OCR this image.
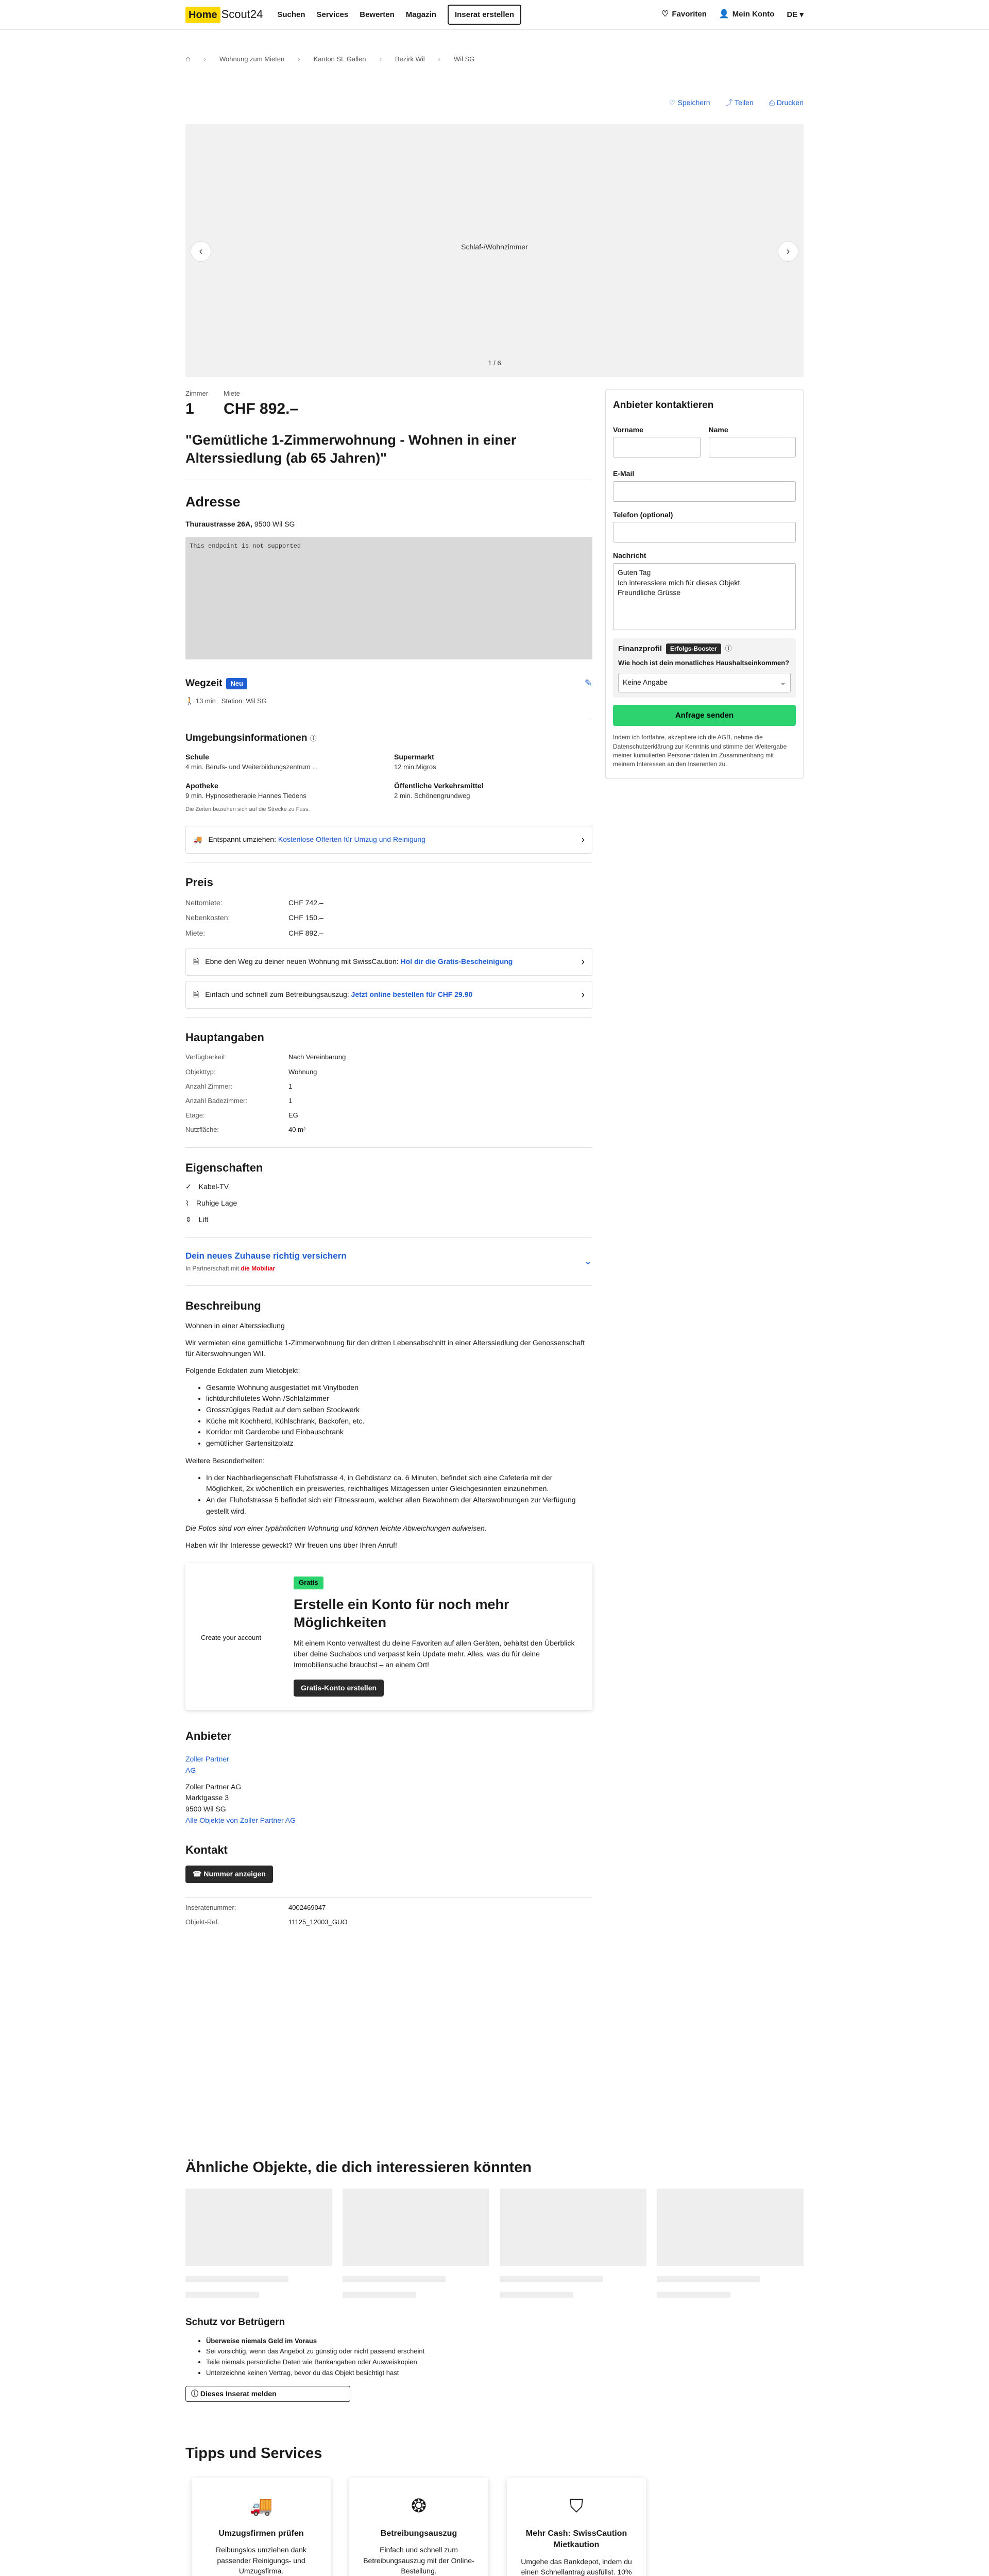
Home Scout24 Suchen Services Bewerten Magazin	Inserat erstellen	♡ Favoriten 👤 Mein Konto DE ▾
⌂ › Wohnung zum Mieten › Kanton St. Gallen › Bezirk Wil › Wil SG
♡ Speichern ⤴ Teilen ⎙ Drucken
Schlaf-/Wohnzimmer
‹	›
1 / 6
Zimmer
1
Miete
CHF 892.–
"Gemütliche 1-Zimmerwohnung - Wohnen in einer Alterssiedlung (ab 65 Jahren)"
Adresse
Thuraustrasse 26A, 9500 Wil SG
This endpoint is not supported
Wegzeit	Neu	✎
🚶 13 min Station: Wil SG
Umgebungsinformationen ⓘ
Schule
4 min. Berufs- und Weiterbildungszentrum ...
Supermarkt
12 min.Migros
Apotheke
9 min. Hypnosetherapie Hannes Tiedens
Öffentliche Verkehrsmittel
2 min. Schönengrundweg
Die Zeiten beziehen sich auf die Strecke zu Fuss.
🚚 Entspannt umziehen: Kostenlose Offerten für Umzug und Reinigung	›
Preis
Nettomiete:	CHF 742.–
Nebenkosten:	CHF 150.–
Miete:	CHF 892.–
🗎 Ebne den Weg zu deiner neuen Wohnung mit SwissCaution: Hol dir die Gratis-Bescheinigung	›
🗎 Einfach und schnell zum Betreibungsauszug: Jetzt online bestellen für CHF 29.90	›
Hauptangaben
Verfügbarkeit:	Nach Vereinbarung
Objekttyp:	Wohnung
Anzahl Zimmer:	1
Anzahl Badezimmer:	1
Etage:	EG
Nutzfläche:	40 m²
Eigenschaften
✓ Kabel-TV
⌇ Ruhige Lage
⇕ Lift
Dein neues Zuhause richtig versichern
In Partnerschaft mit die Mobiliar
⌄
Beschreibung

Wohnen in einer Alterssiedlung

Wir vermieten eine gemütliche 1-Zimmerwohnung für den dritten Lebensabschnitt in einer Alterssiedlung der Genossenschaft für Alterswohnungen Wil.

Folgende Eckdaten zum Mietobjekt:

• Gesamte Wohnung ausgestattet mit Vinylboden
• lichtdurchflutetes Wohn-/Schlafzimmer
• Grosszügiges Reduit auf dem selben Stockwerk
• Küche mit Kochherd, Kühlschrank, Backofen, etc.
• Korridor mit Garderobe und Einbauschrank
• gemütlicher Gartensitzplatz

Weitere Besonderheiten:

• In der Nachbarliegenschaft Fluhofstrasse 4, in Gehdistanz ca. 6 Minuten, befindet sich eine Cafeteria mit der Möglichkeit, 2x wöchentlich ein preiswertes, reichhaltiges Mittagessen unter Gleichgesinnten einzunehmen.
• An der Fluhofstrasse 5 befindet sich ein Fitnessraum, welcher allen Bewohnern der Alterswohnungen zur Verfügung gestellt wird.

Die Fotos sind von einer typähnlichen Wohnung und können leichte Abweichungen aufweisen.

Haben wir Ihr Interesse geweckt? Wir freuen uns über Ihren Anruf!

Create your account
Gratis
Erstelle ein Konto für noch mehr Möglichkeiten

Mit einem Konto verwaltest du deine Favoriten auf allen Geräten, behältst den Überblick über deine Suchabos und verpasst kein Update mehr. Alles, was du für deine Immobiliensuche brauchst – an einem Ort!

Gratis-Konto erstellen
Anbieter
Zoller Partner AG
Zoller Partner AG
Marktgasse 3
9500 Wil SG
Alle Objekte von Zoller Partner AG
Kontakt
☎ Nummer anzeigen
Inseratenummer:	4002469047
Objekt-Ref.	11125_12003_GUO
Anbieter kontaktieren
Vorname	Name
E-Mail
Telefon (optional)
Nachricht
Guten Tag
Ich interessiere mich für dieses Objekt.
Freundliche Grüsse
Finanzprofil	Erfolgs-Booster	ⓘ
Wie hoch ist dein monatliches Haushaltseinkommen?
Keine Angabe	⌄
Anfrage senden
Indem ich fortfahre, akzeptiere ich die AGB, nehme die Datenschutzerklärung zur Kenntnis und stimme der Weitergabe meiner kumulierten Personendaten im Zusammenhang mit meinem Interessen an den Inserenten zu.
Ähnliche Objekte, die dich interessieren könnten
Schutz vor Betrügern
• Überweise niemals Geld im Voraus
• Sei vorsichtig, wenn das Angebot zu günstig oder nicht passend erscheint
• Teile niemals persönliche Daten wie Bankangaben oder Ausweiskopien
• Unterzeichne keinen Vertrag, bevor du das Objekt besichtigt hast
ⓘ Dieses Inserat melden
Tipps und Services
🚚
Umzugsfirmen prüfen
Reibungslos umziehen dank passender Reinigungs- und Umzugsfirma.
❂
Betreibungsauszug
Einfach und schnell zum Betreibungsauszug mit der Online-Bestellung.
⛉
Mehr Cash: SwissCaution Mietkaution
Umgehe das Bankdepot, indem du einen Schnellantrag ausfüllst. 10%
